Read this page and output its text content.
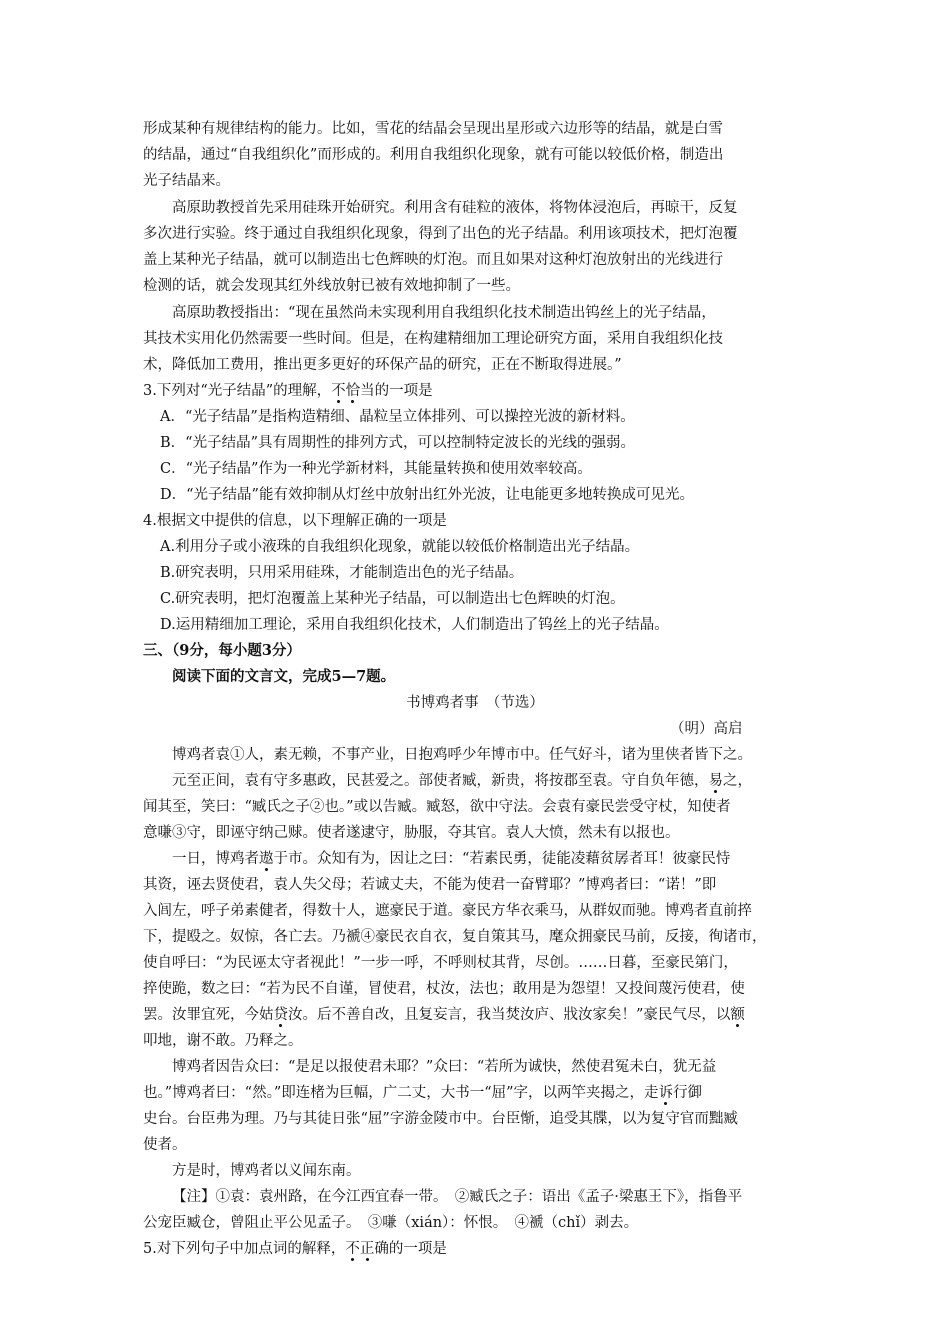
形成某种有规律结构的能力。比如，雪花的结晶会呈现出星形或六边形等的结晶，就是白雪
的结晶，通过“自我组织化”而形成的。利用自我组织化现象，就有可能以较低价格，制造出
光子结晶来。
高原助教授首先采用硅珠开始研究。利用含有硅粒的液体，将物体浸泡后，再晾干，反复
多次进行实验。终于通过自我组织化现象，得到了出色的光子结晶。利用该项技术，把灯泡覆
盖上某种光子结晶，就可以制造出七色辉映的灯泡。而且如果对这种灯泡放射出的光线进行
检测的话，就会发现其红外线放射已被有效地抑制了一些。
高原助教授指出：“现在虽然尚未实现利用自我组织化技术制造出钨丝上的光子结晶，
其技术实用化仍然需要一些时间。但是，在构建精细加工理论研究方面，采用自我组织化技
术，降低加工费用，推出更多更好的环保产品的研究，正在不断取得进展。”
3.下列对“光子结晶”的理解，不恰当的一项是
A．“光子结晶”是指构造精细、晶粒呈立体排列、可以操控光波的新材料。
B．“光子结晶”具有周期性的排列方式，可以控制特定波长的光线的强弱。
C．“光子结晶”作为一种光学新材料，其能量转换和使用效率较高。
D．“光子结晶”能有效抑制从灯丝中放射出红外光波，让电能更多地转换成可见光。
4.根据文中提供的信息，以下理解正确的一项是
A.利用分子或小液珠的自我组织化现象，就能以较低价格制造出光子结晶。
B.研究表明，只用采用硅珠，才能制造出色的光子结晶。
C.研究表明，把灯泡覆盖上某种光子结晶，可以制造出七色辉映的灯泡。
D.运用精细加工理论，采用自我组织化技术，人们制造出了钨丝上的光子结晶。
三、（9分，每小题3分）
阅读下面的文言文，完成5—7题。
书博鸡者事　（节选）
（明）高启
博鸡者袁①人，素无赖，不事产业，日抱鸡呼少年博市中。任气好斗，诸为里侠者皆下之。
元至正间，袁有守多惠政，民甚爱之。部使者臧，新贵，将按郡至袁。守自负年德，易之，
闻其至，笑曰：“臧氏之子②也。”或以告臧。臧怒，欲中守法。会袁有豪民尝受守杖，知使者
意嗛③守，即诬守纳己赇。使者遂逮守，胁服，夺其官。袁人大愤，然未有以报也。
一日，博鸡者遨于市。众知有为，因让之曰：“若素民勇，徒能凌藉贫孱者耳！彼豪民恃
其资，诬去贤使君，袁人失父母；若诚丈夫，不能为使君一奋臂耶？”博鸡者曰：“诺！”即
入闾左，呼子弟素健者，得数十人，遮豪民于道。豪民方华衣乘马，从群奴而驰。博鸡者直前捽
下，提殴之。奴惊，各亡去。乃褫④豪民衣自衣，复自策其马，麾众拥豪民马前，反接，徇诸市，
使自呼曰：“为民诬太守者视此！”一步一呼，不呼则杖其背，尽创。……日暮，至豪民第门，
捽使跪，数之曰：“若为民不自谨，冒使君，杖汝，法也；敢用是为怨望！又投间蔑污使君，使
罢。汝罪宜死，今姑贷汝。后不善自改，且复妄言，我当焚汝庐、戕汝家矣！”豪民气尽，以额
叩地，谢不敢。乃释之。
博鸡者因告众曰：“是足以报使君未耶？”众曰：“若所为诚快，然使君冤未白，犹无益
也。”博鸡者曰：“然。”即连楮为巨幅，广二丈，大书一“屈”字，以两竿夹揭之，走诉行御
史台。台臣弗为理。乃与其徒日张“屈”字游金陵市中。台臣惭，追受其牒，以为复守官而黜臧
使者。
方是时，博鸡者以义闻东南。
【注】①袁：袁州路，在今江西宜春一带。　②臧氏之子：语出《孟子·梁惠王下》，指鲁平
公宠臣臧仓，曾阻止平公见孟子。　③嗛（xián）：怀恨。　④褫（chǐ）剥去。
5.对下列句子中加点词的解释，不正确的一项是
